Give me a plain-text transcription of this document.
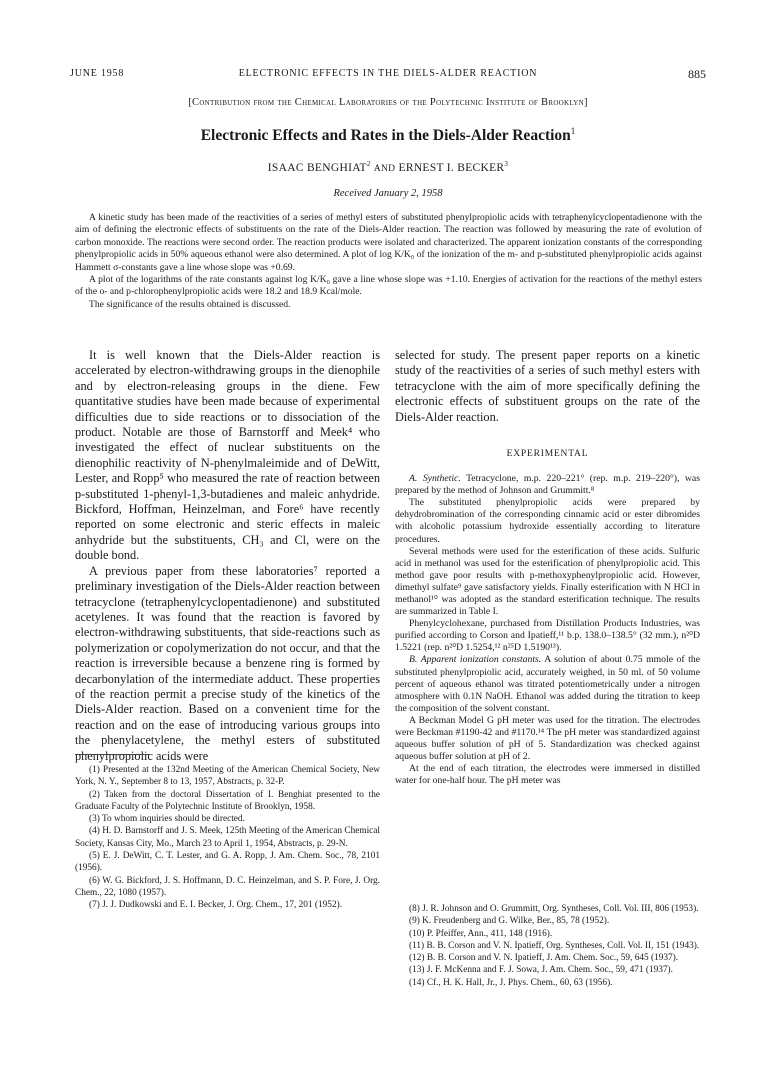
JUNE 1958	ELECTRONIC EFFECTS IN THE DIELS-ALDER REACTION	885
[Contribution from the Chemical Laboratories of the Polytechnic Institute of Brooklyn]
Electronic Effects and Rates in the Diels-Alder Reaction$^1$
ISAAC BENGHIAT$^2$ AND ERNEST I. BECKER$^3$
Received January 2, 1958

A kinetic study has been made of the reactivities of a series of methyl esters of substituted phenylpropiolic acids with tetraphenylcyclopentadienone with the aim of defining the electronic effects of substituents on the rate of the Diels-Alder reaction. The reaction was followed by measuring the rate of evolution of carbon monoxide. The reactions were second order. The reaction products were isolated and characterized. The apparent ionization constants of the corresponding phenylpropiolic acids in 50% aqueous ethanol were also determined. A plot of log K/K₀ of the ionization of the m- and p-substituted phenylpropiolic acids against Hammett σ-constants gave a line whose slope was +0.69.

A plot of the logarithms of the rate constants against log K/K₀ gave a line whose slope was +1.10. Energies of activation for the reactions of the methyl esters of the o- and p-chlorophenylpropiolic acids were 18.2 and 18.9 Kcal/mole.

The significance of the results obtained is discussed.

It is well known that the Diels-Alder reaction is accelerated by electron-withdrawing groups in the dienophile and by electron-releasing groups in the diene. Few quantitative studies have been made because of experimental difficulties due to side reactions or to dissociation of the product. Notable are those of Barnstorff and Meek⁴ who investigated the effect of nuclear substituents on the dienophilic reactivity of N-phenylmaleimide and of DeWitt, Lester, and Ropp⁵ who measured the rate of reaction between p-substituted 1-phenyl-1,3-butadienes and maleic anhydride. Bickford, Hoffman, Heinzelman, and Fore⁶ have recently reported on some electronic and steric effects in maleic anhydride but the substituents, CH₃ and Cl, were on the double bond.

A previous paper from these laboratories⁷ reported a preliminary investigation of the Diels-Alder reaction between tetracyclone (tetraphenylcyclopentadienone) and substituted acetylenes. It was found that the reaction is favored by electron-withdrawing substituents, that side-reactions such as polymerization or copolymerization do not occur, and that the reaction is irreversible because a benzene ring is formed by decarbonylation of the intermediate adduct. These properties of the reaction permit a precise study of the kinetics of the Diels-Alder reaction. Based on a convenient time for the reaction and on the ease of introducing various groups into the phenylacetylene, the methyl esters of substituted phenylpropiolic acids were

(1) Presented at the 132nd Meeting of the American Chemical Society, New York, N. Y., September 8 to 13, 1957, Abstracts, p. 32-P.

(2) Taken from the doctoral Dissertation of I. Benghiat presented to the Graduate Faculty of the Polytechnic Institute of Brooklyn, 1958.

(3) To whom inquiries should be directed.

(4) H. D. Barnstorff and J. S. Meek, 125th Meeting of the American Chemical Society, Kansas City, Mo., March 23 to April 1, 1954, Abstracts, p. 29-N.

(5) E. J. DeWitt, C. T. Lester, and G. A. Ropp, J. Am. Chem. Soc., 78, 2101 (1956).

(6) W. G. Bickford, J. S. Hoffmann, D. C. Heinzelman, and S. P. Fore, J. Org. Chem., 22, 1080 (1957).

(7) J. J. Dudkowski and E. I. Becker, J. Org. Chem., 17, 201 (1952).

selected for study. The present paper reports on a kinetic study of the reactivities of a series of such methyl esters with tetracyclone with the aim of more specifically defining the electronic effects of substituent groups on the rate of the Diels-Alder reaction.

EXPERIMENTAL

A. Synthetic. Tetracyclone, m.p. 220–221° (rep. m.p. 219–220°), was prepared by the method of Johnson and Grummitt.⁸

The substituted phenylpropiolic acids were prepared by dehydrobromination of the corresponding cinnamic acid or ester dibromides with alcoholic potassium hydroxide essentially according to literature procedures.

Several methods were used for the esterification of these acids. Sulfuric acid in methanol was used for the esterification of phenylpropiolic acid. This method gave poor results with p-methoxyphenylpropiolic acid. However, dimethyl sulfate⁹ gave satisfactory yields. Finally esterification with N HCl in methanol¹⁰ was adopted as the standard esterification technique. The results are summarized in Table I.

Phenylcyclohexane, purchased from Distillation Products Industries, was purified according to Corson and Ipatieff,¹¹ b.p. 138.0–138.5° (32 mm.), n²⁰D 1.5221 (rep. n²⁰D 1.5254,¹² n²⁵D 1.5190¹³).

B. Apparent ionization constants. A solution of about 0.75 mmole of the substituted phenylpropiolic acid, accurately weighed, in 50 ml. of 50 volume percent of aqueous ethanol was titrated potentiometrically under a nitrogen atmosphere with 0.1N NaOH. Ethanol was added during the titration to keep the composition of the solvent constant.

A Beckman Model G pH meter was used for the titration. The electrodes were Beckman #1190-42 and #1170.¹⁴ The pH meter was standardized against aqueous buffer solution of pH of 5. Standardization was checked against aqueous buffer solution at pH of 2.

At the end of each titration, the electrodes were immersed in distilled water for one-half hour. The pH meter was

(8) J. R. Johnson and O. Grummitt, Org. Syntheses, Coll. Vol. III, 806 (1953).

(9) K. Freudenberg and G. Wilke, Ber., 85, 78 (1952).

(10) P. Pfeiffer, Ann., 411, 148 (1916).

(11) B. B. Corson and V. N. Ipatieff, Org. Syntheses, Coll. Vol. II, 151 (1943).

(12) B. B. Corson and V. N. Ipatieff, J. Am. Chem. Soc., 59, 645 (1937).

(13) J. F. McKenna and F. J. Sowa, J. Am. Chem. Soc., 59, 471 (1937).

(14) Cf., H. K. Hall, Jr., J. Phys. Chem., 60, 63 (1956).
